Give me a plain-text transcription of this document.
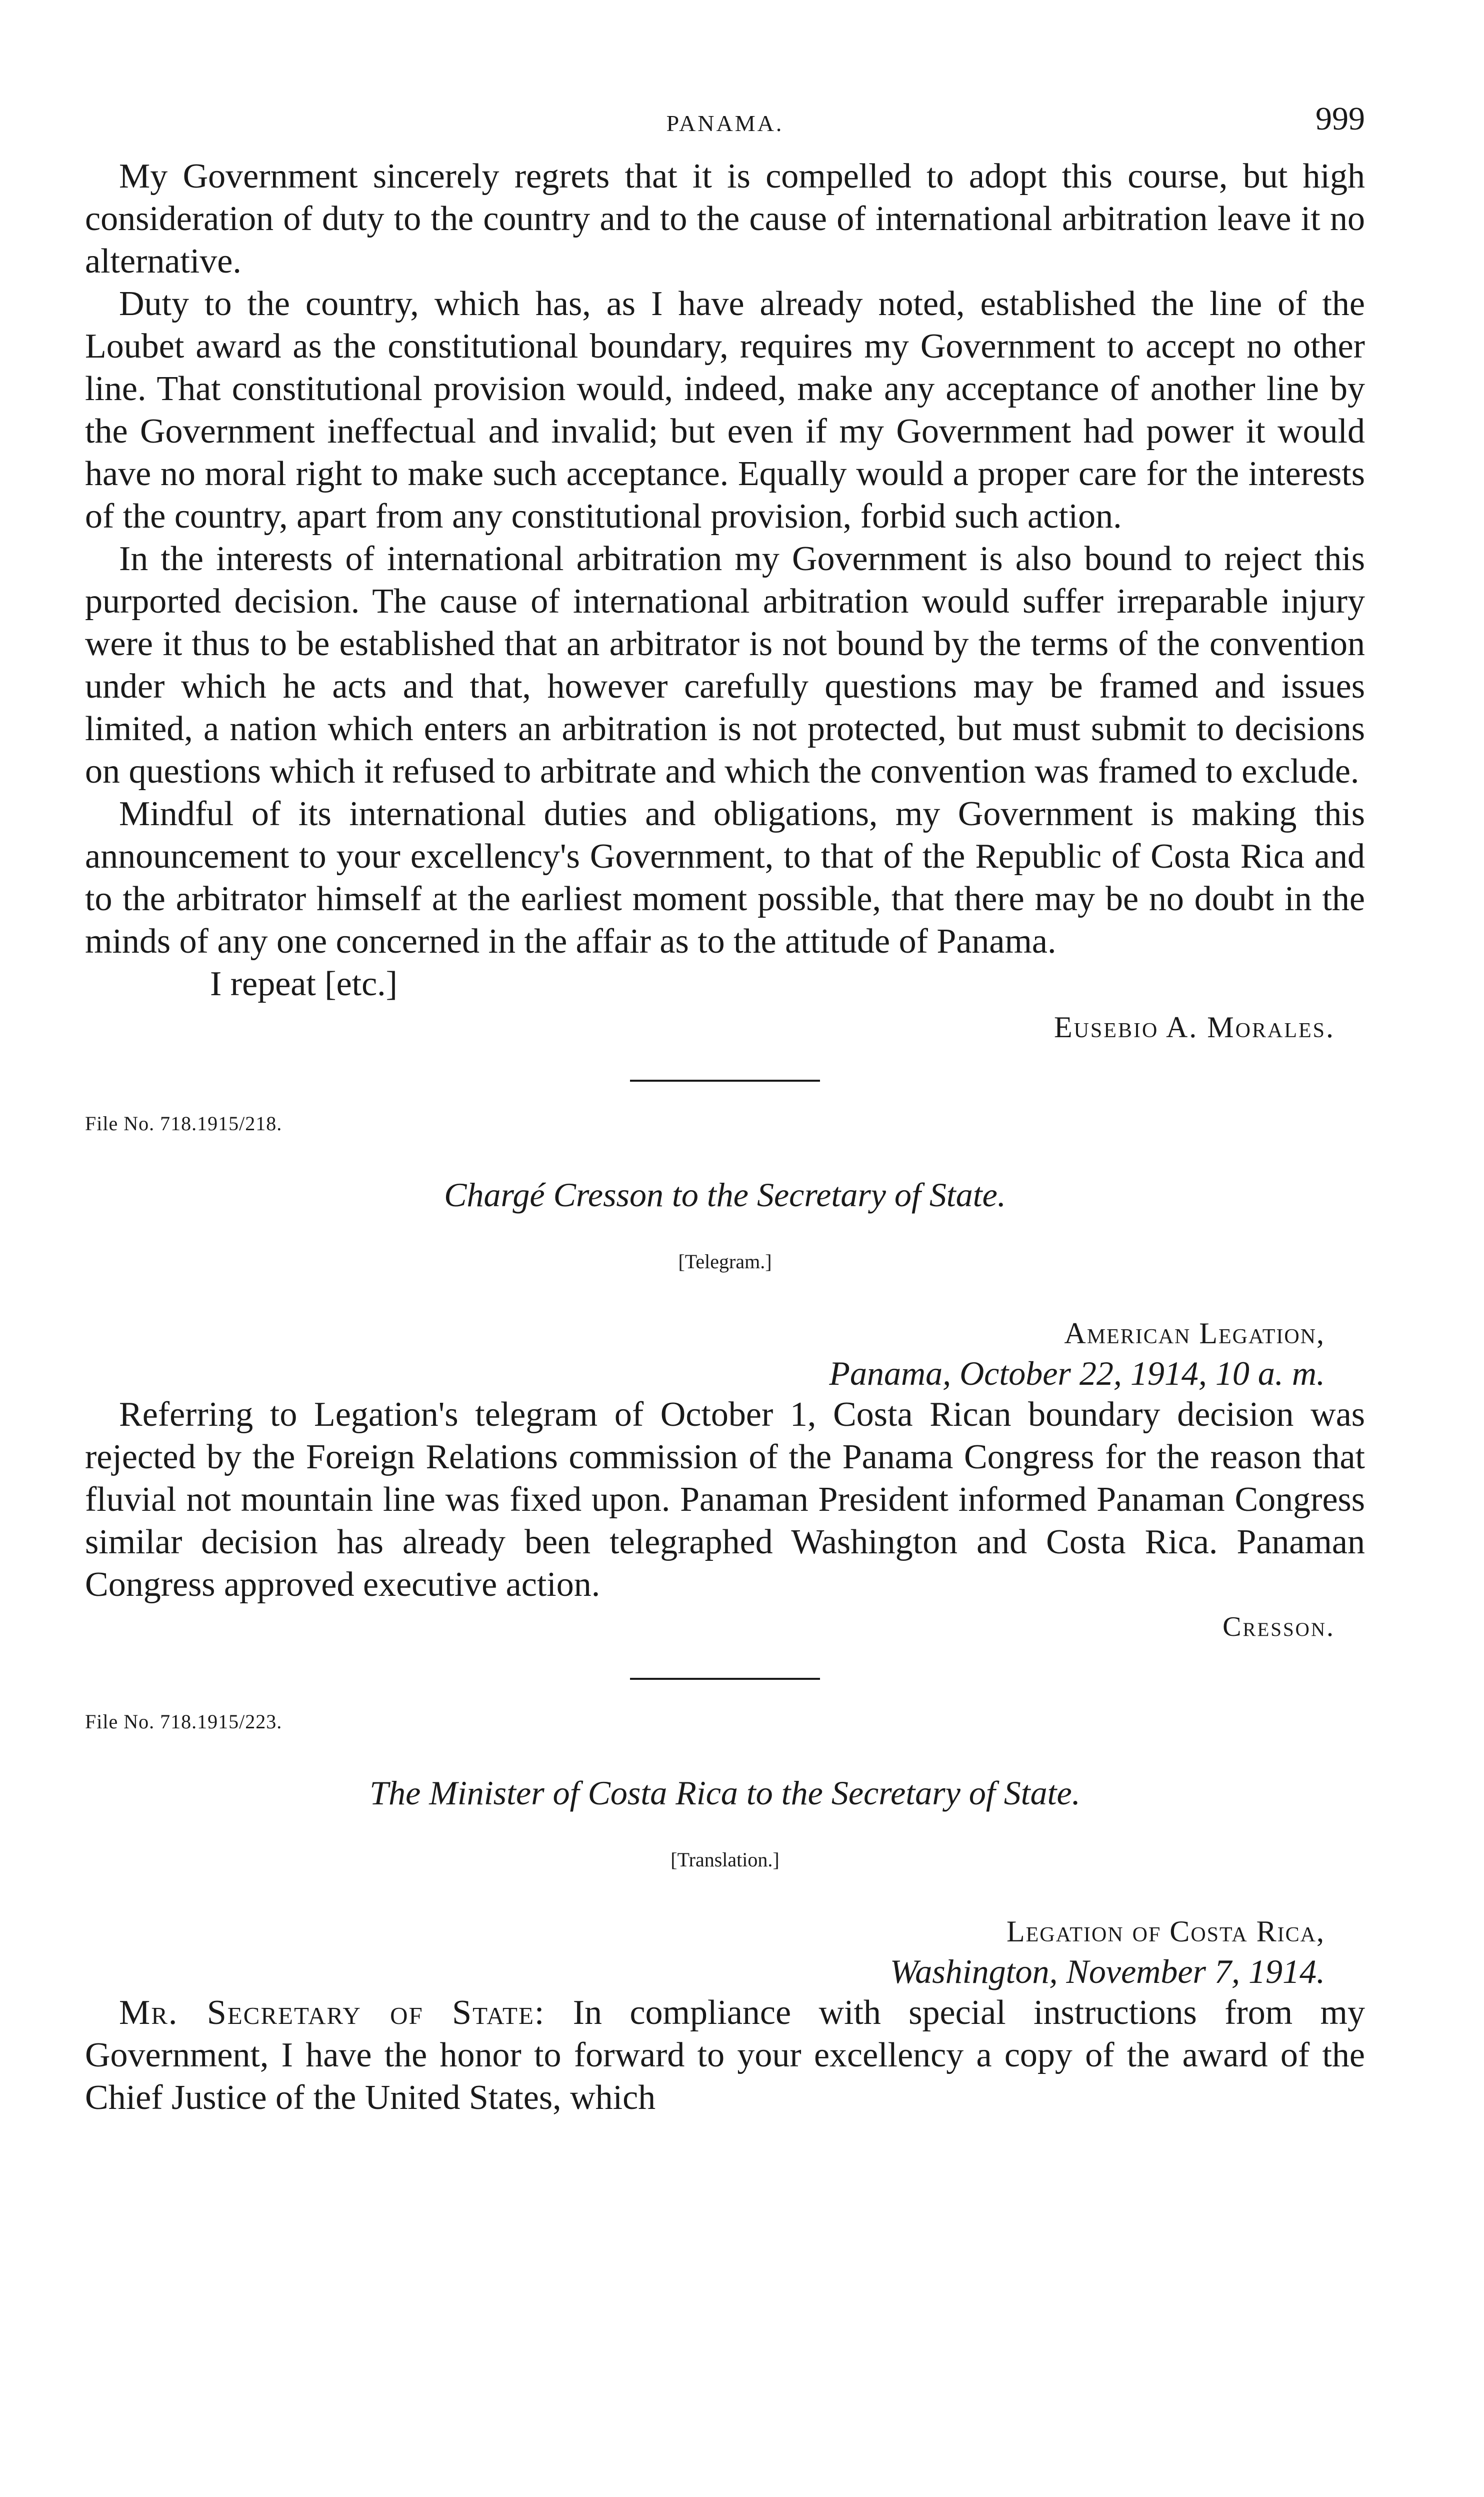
PANAMA.	999

My Government sincerely regrets that it is compelled to adopt this course, but high consideration of duty to the country and to the cause of international arbitration leave it no alternative.

Duty to the country, which has, as I have already noted, established the line of the Loubet award as the constitutional boundary, requires my Government to accept no other line. That constitutional provision would, indeed, make any acceptance of another line by the Government ineffectual and invalid; but even if my Government had power it would have no moral right to make such acceptance. Equally would a proper care for the interests of the country, apart from any constitutional provision, forbid such action.

In the interests of international arbitration my Government is also bound to reject this purported decision. The cause of international arbitration would suffer irreparable injury were it thus to be established that an arbitrator is not bound by the terms of the convention under which he acts and that, however carefully questions may be framed and issues limited, a nation which enters an arbitration is not protected, but must submit to decisions on questions which it refused to arbitrate and which the convention was framed to exclude.

Mindful of its international duties and obligations, my Government is making this announcement to your excellency's Government, to that of the Republic of Costa Rica and to the arbitrator himself at the earliest moment possible, that there may be no doubt in the minds of any one concerned in the affair as to the attitude of Panama.

I repeat [etc.]

Eusebio A. Morales.
File No. 718.1915/218.
Chargé Cresson to the Secretary of State.
[Telegram.]
American Legation,
Panama, October 22, 1914, 10 a. m.

Referring to Legation's telegram of October 1, Costa Rican boundary decision was rejected by the Foreign Relations commission of the Panama Congress for the reason that fluvial not mountain line was fixed upon. Panaman President informed Panaman Congress similar decision has already been telegraphed Washington and Costa Rica. Panaman Congress approved executive action.

Cresson.
File No. 718.1915/223.
The Minister of Costa Rica to the Secretary of State.
[Translation.]
Legation of Costa Rica,
Washington, November 7, 1914.

Mr. Secretary of State: In compliance with special instructions from my Government, I have the honor to forward to your excellency a copy of the award of the Chief Justice of the United States, which
